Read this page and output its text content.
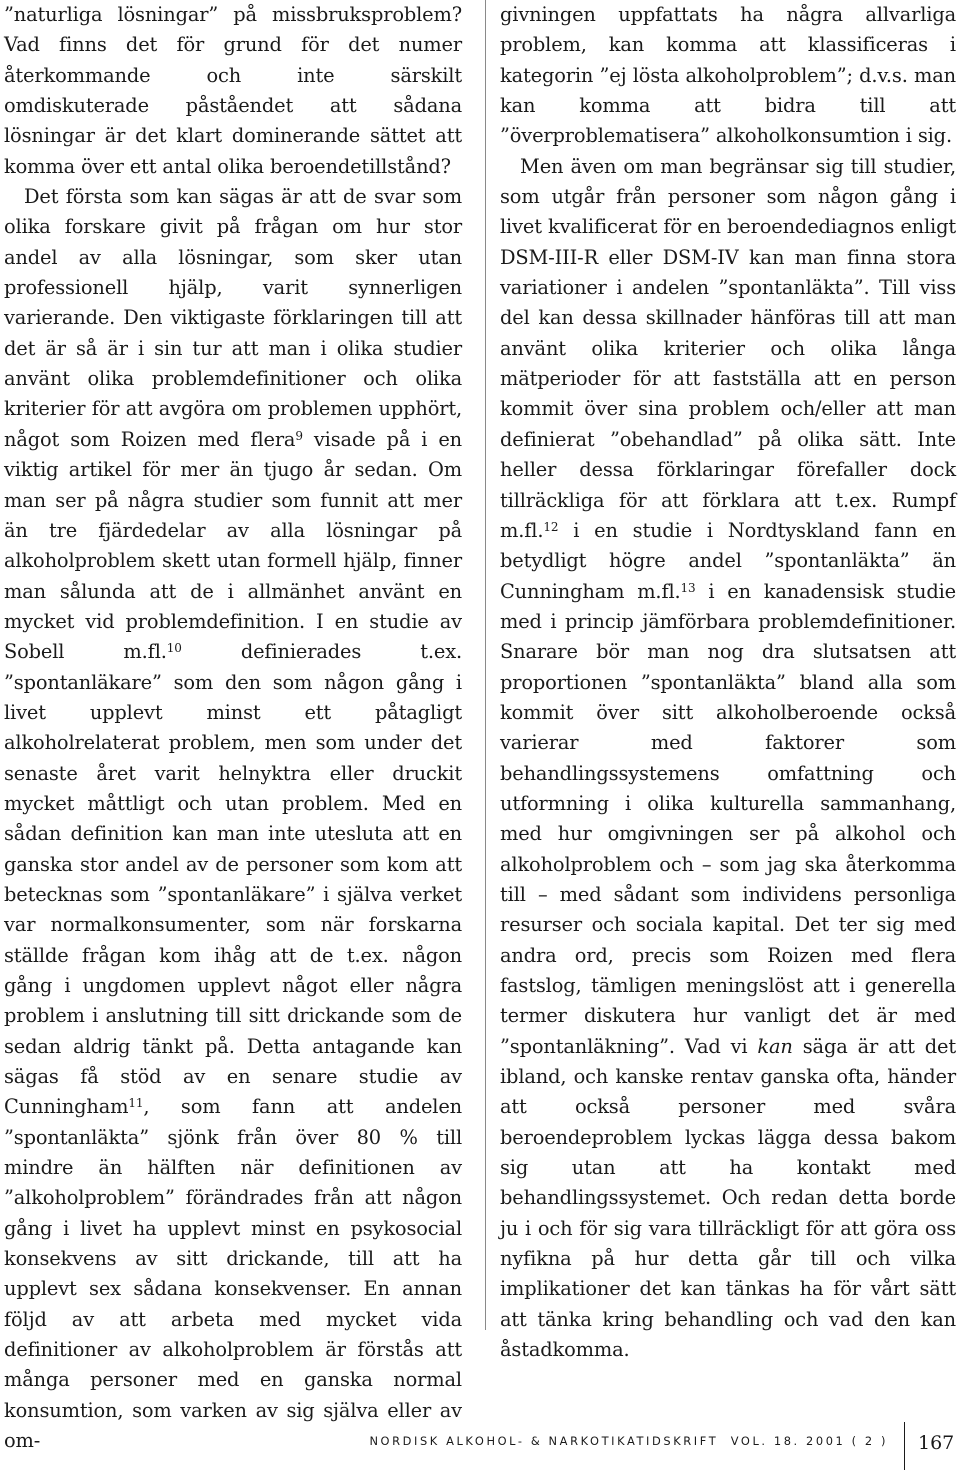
”naturliga lösningar” på missbruksproblem? Vad finns det för grund för det numer återkommande och inte särskilt omdiskuterade påståendet att sådana lösningar är det klart dominerande sättet att komma över ett antal olika beroendetillstånd?

Det första som kan sägas är att de svar som olika forskare givit på frågan om hur stor andel av alla lösningar, som sker utan professionell hjälp, varit synnerligen varierande. Den viktigaste förklaringen till att det är så är i sin tur att man i olika studier använt olika problemdefinitioner och olika kriterier för att avgöra om problemen upphört, något som Roizen med flera$^9$ visade på i en viktig artikel för mer än tjugo år sedan. Om man ser på några studier som funnit att mer än tre fjärdedelar av alla lösningar på alkoholproblem skett utan formell hjälp, finner man sålunda att de i allmänhet använt en mycket vid problemdefinition. I en studie av Sobell m.fl.$^{10}$ definierades t.ex. ”spontanläkare” som den som någon gång i livet upplevt minst ett påtagligt alkoholrelaterat problem, men som under det senaste året varit helnyktra eller druckit mycket måttligt och utan problem. Med en sådan definition kan man inte utesluta att en ganska stor andel av de personer som kom att betecknas som ”spontanläkare” i själva verket var normalkonsumenter, som när forskarna ställde frågan kom ihåg att de t.ex. någon gång i ungdomen upplevt något eller några problem i anslutning till sitt drickande som de sedan aldrig tänkt på. Detta antagande kan sägas få stöd av en senare studie av Cunningham$^{11}$, som fann att andelen ”spontanläkta” sjönk från över 80 % till mindre än hälften när definitionen av ”alkoholproblem” förändrades från att någon gång i livet ha upplevt minst en psykosocial konsekvens av sitt drickande, till att ha upplevt sex sådana konsekvenser. En annan följd av att arbeta med mycket vida definitioner av alkoholproblem är förstås att många personer med en ganska normal konsumtion, som varken av sig själva eller av om-

givningen uppfattats ha några allvarliga problem, kan komma att klassificeras i kategorin ”ej lösta alkoholproblem”; d.v.s. man kan komma att bidra till att ”överproblematisera” alkoholkonsumtion i sig.

Men även om man begränsar sig till studier, som utgår från personer som någon gång i livet kvalificerat för en beroendediagnos enligt DSM-III-R eller DSM-IV kan man finna stora variationer i andelen ”spontanläkta”. Till viss del kan dessa skillnader hänföras till att man använt olika kriterier och olika långa mätperioder för att fastställa att en person kommit över sina problem och/eller att man definierat ”obehandlad” på olika sätt. Inte heller dessa förklaringar förefaller dock tillräckliga för att förklara att t.ex. Rumpf m.fl.$^{12}$ i en studie i Nordtyskland fann en betydligt högre andel ”spontanläkta” än Cunningham m.fl.$^{13}$ i en kanadensisk studie med i princip jämförbara problemdefinitioner. Snarare bör man nog dra slutsatsen att proportionen ”spontanläkta” bland alla som kommit över sitt alkoholberoende också varierar med faktorer som behandlingssystemens omfattning och utformning i olika kulturella sammanhang, med hur omgivningen ser på alkohol och alkoholproblem och – som jag ska återkomma till – med sådant som individens personliga resurser och sociala kapital. Det ter sig med andra ord, precis som Roizen med flera fastslog, tämligen meningslöst att i generella termer diskutera hur vanligt det är med ”spontanläkning”. Vad vi kan säga är att det ibland, och kanske rentav ganska ofta, händer att också personer med svåra beroendeproblem lyckas lägga dessa bakom sig utan att ha kontakt med behandlingssystemet. Och redan detta borde ju i och för sig vara tillräckligt för att göra oss nyfikna på hur detta går till och vilka implikationer det kan tänkas ha för vårt sätt att tänka kring behandling och vad den kan åstadkomma.

NORDISK ALKOHOL- & NARKOTIKATIDSKRIFT VOL. 18. 2001 ( 2 ) 167
